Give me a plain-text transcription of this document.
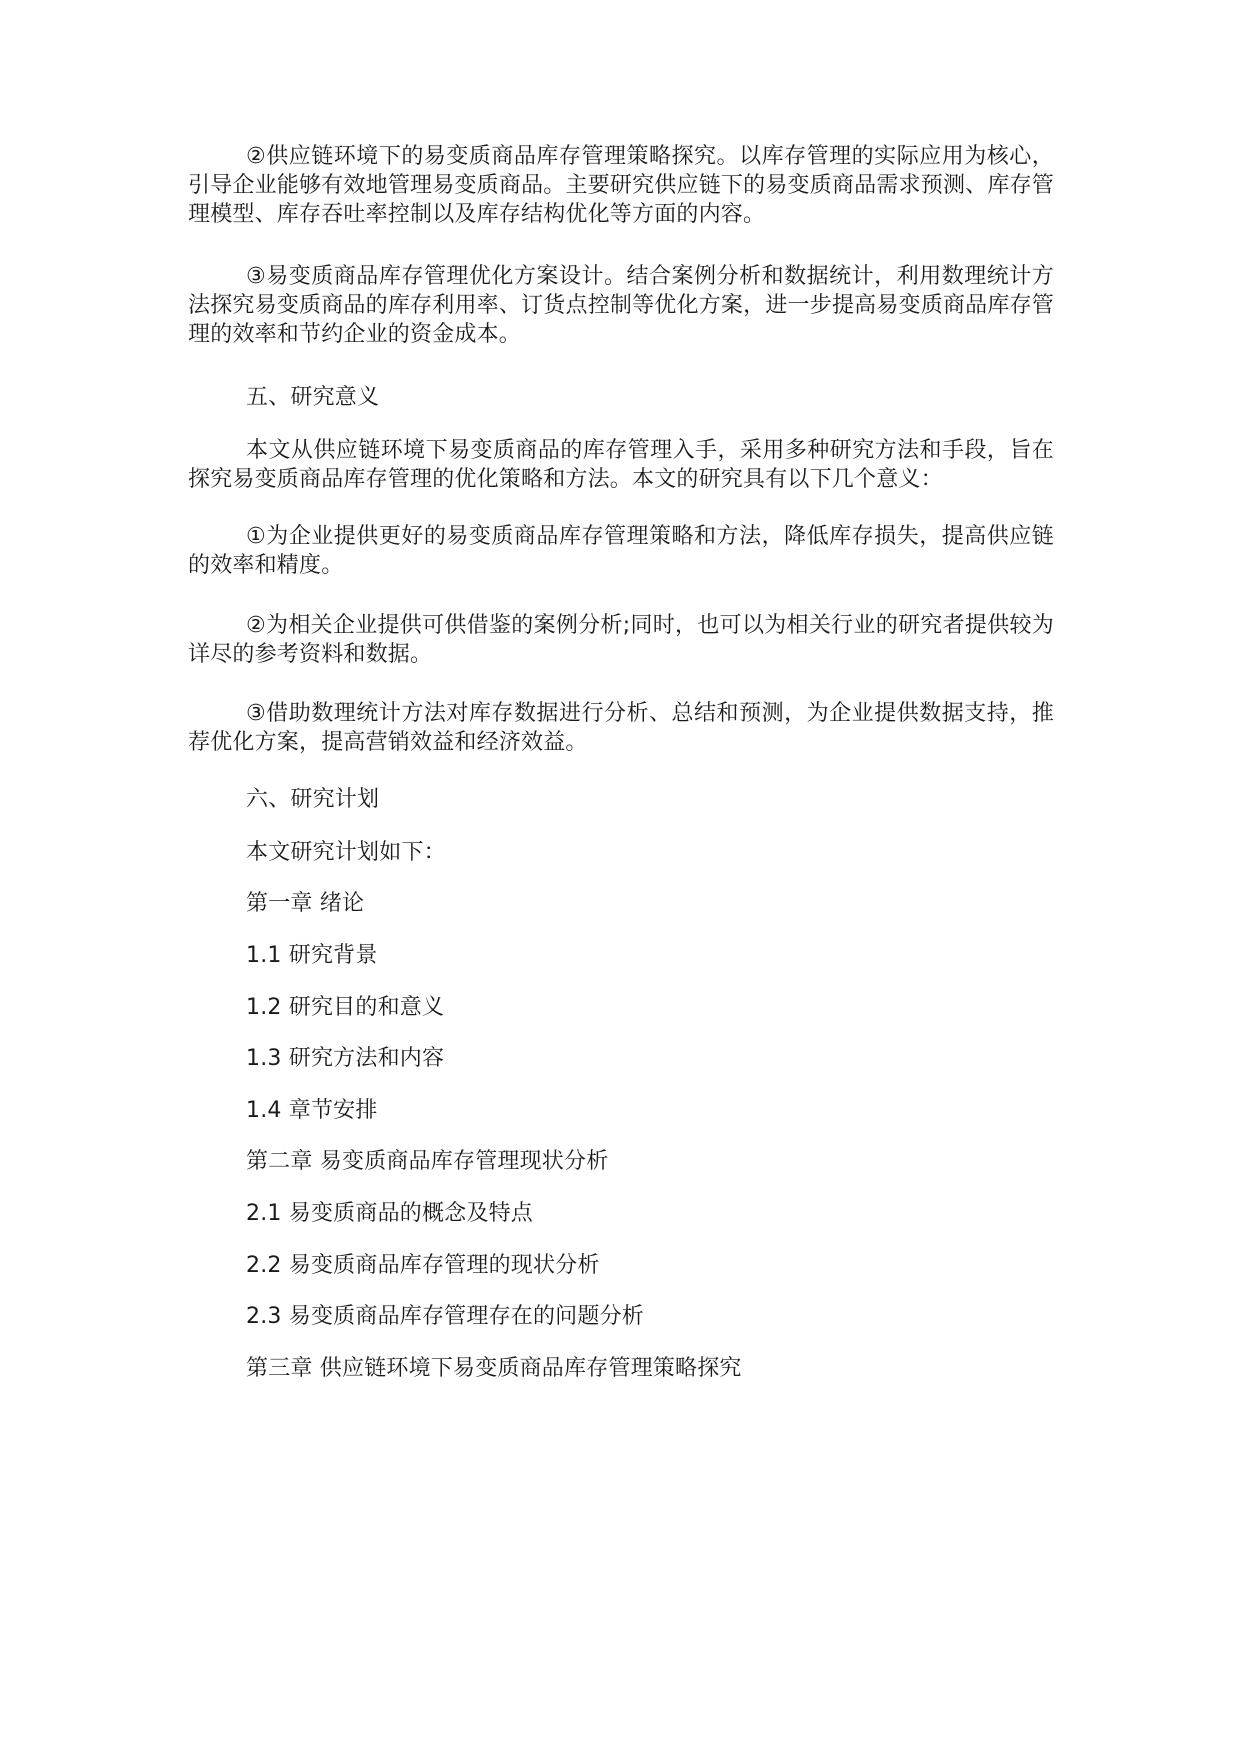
②供应链环境下的易变质商品库存管理策略探究。以库存管理的实际应用为核心，引导企业能够有效地管理易变质商品。主要研究供应链下的易变质商品需求预测、库存管理模型、库存吞吐率控制以及库存结构优化等方面的内容。

③易变质商品库存管理优化方案设计。结合案例分析和数据统计，利用数理统计方法探究易变质商品的库存利用率、订货点控制等优化方案，进一步提高易变质商品库存管理的效率和节约企业的资金成本。

五、研究意义

本文从供应链环境下易变质商品的库存管理入手，采用多种研究方法和手段，旨在探究易变质商品库存管理的优化策略和方法。本文的研究具有以下几个意义：

①为企业提供更好的易变质商品库存管理策略和方法，降低库存损失，提高供应链的效率和精度。

②为相关企业提供可供借鉴的案例分析;同时，也可以为相关行业的研究者提供较为详尽的参考资料和数据。

③借助数理统计方法对库存数据进行分析、总结和预测，为企业提供数据支持，推荐优化方案，提高营销效益和经济效益。

六、研究计划

本文研究计划如下：

第一章 绪论

1.1 研究背景

1.2 研究目的和意义

1.3 研究方法和内容

1.4 章节安排

第二章 易变质商品库存管理现状分析

2.1 易变质商品的概念及特点

2.2 易变质商品库存管理的现状分析

2.3 易变质商品库存管理存在的问题分析

第三章 供应链环境下易变质商品库存管理策略探究
